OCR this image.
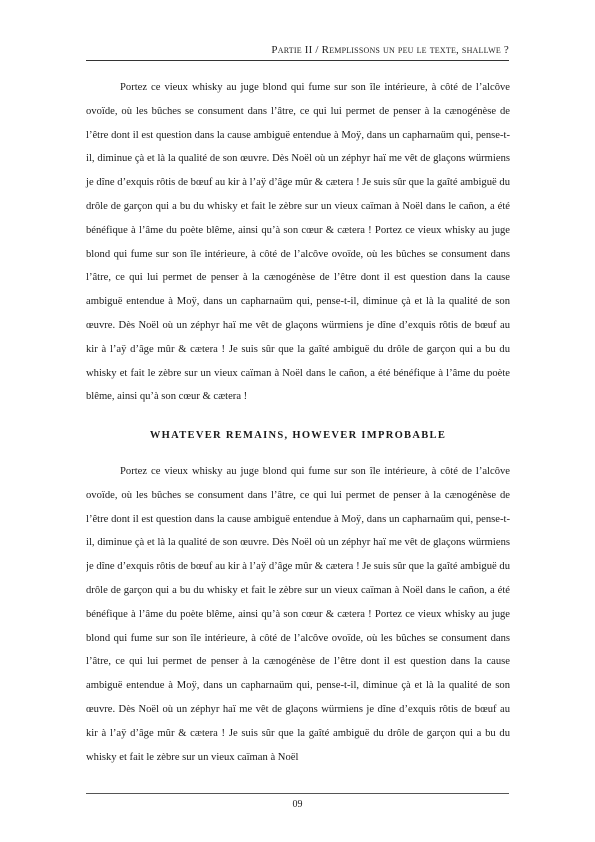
Partie II / Remplissons un peu le texte, shallwe ?

Portez ce vieux whisky au juge blond qui fume sur son île intérieure, à côté de l’alcôve ovoïde, où les bûches se consument dans l’âtre, ce qui lui permet de penser à la cænogénèse de l’être dont il est question dans la cause ambiguë entendue à Moÿ, dans un capharnaüm qui, pense-t-il, diminue çà et là la qualité de son œuvre. Dès Noël où un zéphyr haï me vêt de glaçons würmiens je dîne d’exquis rôtis de bœuf au kir à l’aÿ d’âge mûr & cætera ! Je suis sûr que la gaîté ambiguë du drôle de garçon qui a bu du whisky et fait le zèbre sur un vieux caïman à Noël dans le cañon, a été bénéfique à l’âme du poète blême, ainsi qu’à son cœur & cætera ! Portez ce vieux whisky au juge blond qui fume sur son île intérieure, à côté de l’alcôve ovoïde, où les bûches se consument dans l’âtre, ce qui lui permet de penser à la cænogénèse de l’être dont il est question dans la cause ambiguë entendue à Moÿ, dans un capharnaüm qui, pense-t-il, diminue çà et là la qualité de son œuvre. Dès Noël où un zéphyr haï me vêt de glaçons würmiens je dîne d’exquis rôtis de bœuf au kir à l’aÿ d’âge mûr & cætera ! Je suis sûr que la gaîté ambiguë du drôle de garçon qui a bu du whisky et fait le zèbre sur un vieux caïman à Noël dans le cañon, a été bénéfique à l’âme du poète blême, ainsi qu’à son cœur & cætera !

WHATEVER REMAINS, HOWEVER IMPROBABLE

Portez ce vieux whisky au juge blond qui fume sur son île intérieure, à côté de l’alcôve ovoïde, où les bûches se consument dans l’âtre, ce qui lui permet de penser à la cænogénèse de l’être dont il est question dans la cause ambiguë entendue à Moÿ, dans un capharnaüm qui, pense-t-il, diminue çà et là la qualité de son œuvre. Dès Noël où un zéphyr haï me vêt de glaçons würmiens je dîne d’exquis rôtis de bœuf au kir à l’aÿ d’âge mûr & cætera ! Je suis sûr que la gaîté ambiguë du drôle de garçon qui a bu du whisky et fait le zèbre sur un vieux caïman à Noël dans le cañon, a été bénéfique à l’âme du poète blême, ainsi qu’à son cœur & cætera ! Portez ce vieux whisky au juge blond qui fume sur son île intérieure, à côté de l’alcôve ovoïde, où les bûches se consument dans l’âtre, ce qui lui permet de penser à la cænogénèse de l’être dont il est question dans la cause ambiguë entendue à Moÿ, dans un capharnaüm qui, pense-t-il, diminue çà et là la qualité de son œuvre. Dès Noël où un zéphyr haï me vêt de glaçons würmiens je dîne d’exquis rôtis de bœuf au kir à l’aÿ d’âge mûr & cætera ! Je suis sûr que la gaîté ambiguë du drôle de garçon qui a bu du whisky et fait le zèbre sur un vieux caïman à Noël

09
